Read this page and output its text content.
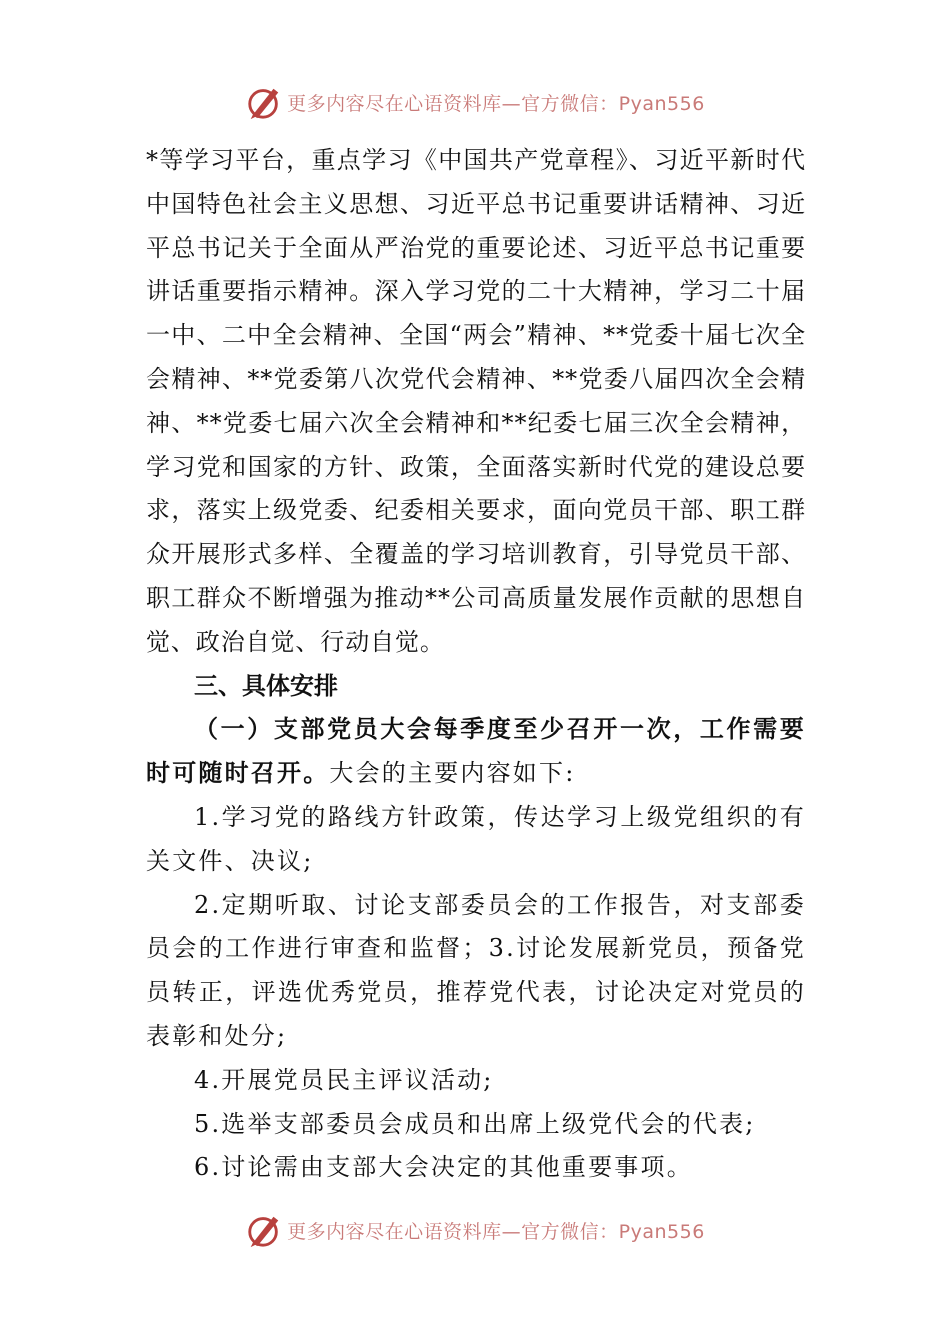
更多内容尽在心语资料库—官方微信：Pyan556

*等学习平台，重点学习《中国共产党章程》、习近平新时代中国特色社会主义思想、习近平总书记重要讲话精神、习近平总书记关于全面从严治党的重要论述、习近平总书记重要讲话重要指示精神。深入学习党的二十大精神，学习二十届一中、二中全会精神、全国“两会”精神、**党委十届七次全会精神、**党委第八次党代会精神、**党委八届四次全会精神、**党委七届六次全会精神和**纪委七届三次全会精神，学习党和国家的方针、政策，全面落实新时代党的建设总要求，落实上级党委、纪委相关要求，面向党员干部、职工群众开展形式多样、全覆盖的学习培训教育，引导党员干部、职工群众不断增强为推动**公司高质量发展作贡献的思想自觉、政治自觉、行动自觉。

三、具体安排

（一）支部党员大会每季度至少召开一次，工作需要时可随时召开。大会的主要内容如下:

1.学习党的路线方针政策，传达学习上级党组织的有关文件、决议;

2.定期听取、讨论支部委员会的工作报告，对支部委员会的工作进行审查和监督；3.讨论发展新党员，预备党员转正，评选优秀党员，推荐党代表，讨论决定对党员的表彰和处分;

4.开展党员民主评议活动;

5.选举支部委员会成员和出席上级党代会的代表;

6.讨论需由支部大会决定的其他重要事项。

更多内容尽在心语资料库—官方微信：Pyan556
